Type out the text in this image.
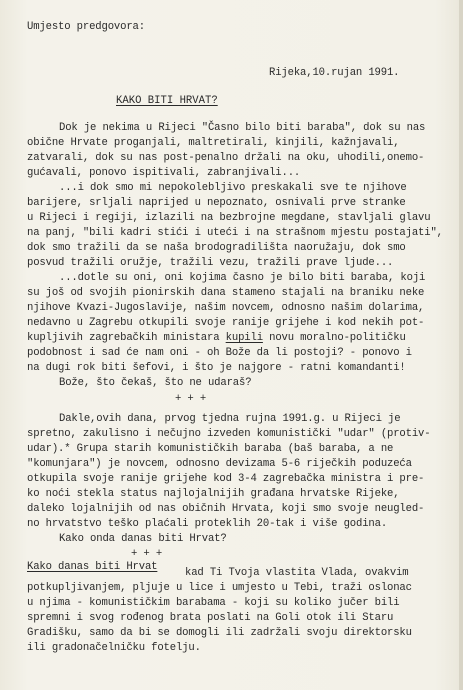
Umjesto predgovora:
Rijeka,10.rujan 1991.
KAKO BITI HRVAT?
Dok je nekima u Rijeci "Časno bilo biti baraba", dok su nas
obične Hrvate proganjali, maltretirali, kinjili, kažnjavali,
zatvarali, dok su nas post-penalno držali na oku, uhodili,onemo-
gućavali, ponovo ispitivali, zabranjivali...
...i dok smo mi nepokolebljivo preskakali sve te njihove
barijere, srljali naprijed u nepoznato, osnivali prve stranke
u Rijeci i regiji, izlazili na bezbrojne megdane, stavljali glavu
na panj, "bili kadri stići i uteći i na strašnom mjestu postajati",
dok smo tražili da se naša brodogradilišta naoružaju, dok smo
posvud tražili oružje, tražili vezu, tražili prave ljude...
...dotle su oni, oni kojima časno je bilo biti baraba, koji
su još od svojih pionirskih dana stameno stajali na braniku neke
njihove Kvazi-Jugoslavije, našim novcem, odnosno našim dolarima,
nedavno u Zagrebu otkupili svoje ranije grijehe i kod nekih pot-
kupljivih zagrebačkih ministara kupili novu moralno-političku
podobnost i sad će nam oni - oh Bože da li postoji? - ponovo i
na dugi rok biti šefovi, i što je najgore - ratni komandanti!
Bože, što čekaš, što ne udaraš?
+ + +
Dakle,ovih dana, prvog tjedna rujna 1991.g. u Rijeci je
spretno, zakulisno i nečujno izveden komunistički "udar" (protiv-
udar).* Grupa starih komunističkih baraba (baš baraba, a ne
"komunjara") je novcem, odnosno devizama 5-6 riječkih poduzeća
otkupila svoje ranije grijehe kod 3-4 zagrebačka ministra i pre-
ko noći stekla status najlojalnijih građana hrvatske Rijeke,
daleko lojalnijih od nas običnih Hrvata, koji smo svoje neugled-
no hrvatstvo teško plaćali proteklih 20-tak i više godina.
Kako onda danas biti Hrvat?
+ + +
Kako danas biti Hrvat	kad Ti Tvoja vlastita Vlada, ovakvim
potkupljivanjem, pljuje u lice i umjesto u Tebi, traži oslonac
u njima - komunističkim barabama - koji su koliko jučer bili
spremni i svog rođenog brata poslati na Goli otok ili Staru
Gradišku, samo da bi se domogli ili zadržali svoju direktorsku
ili gradonačelničku fotelju.
